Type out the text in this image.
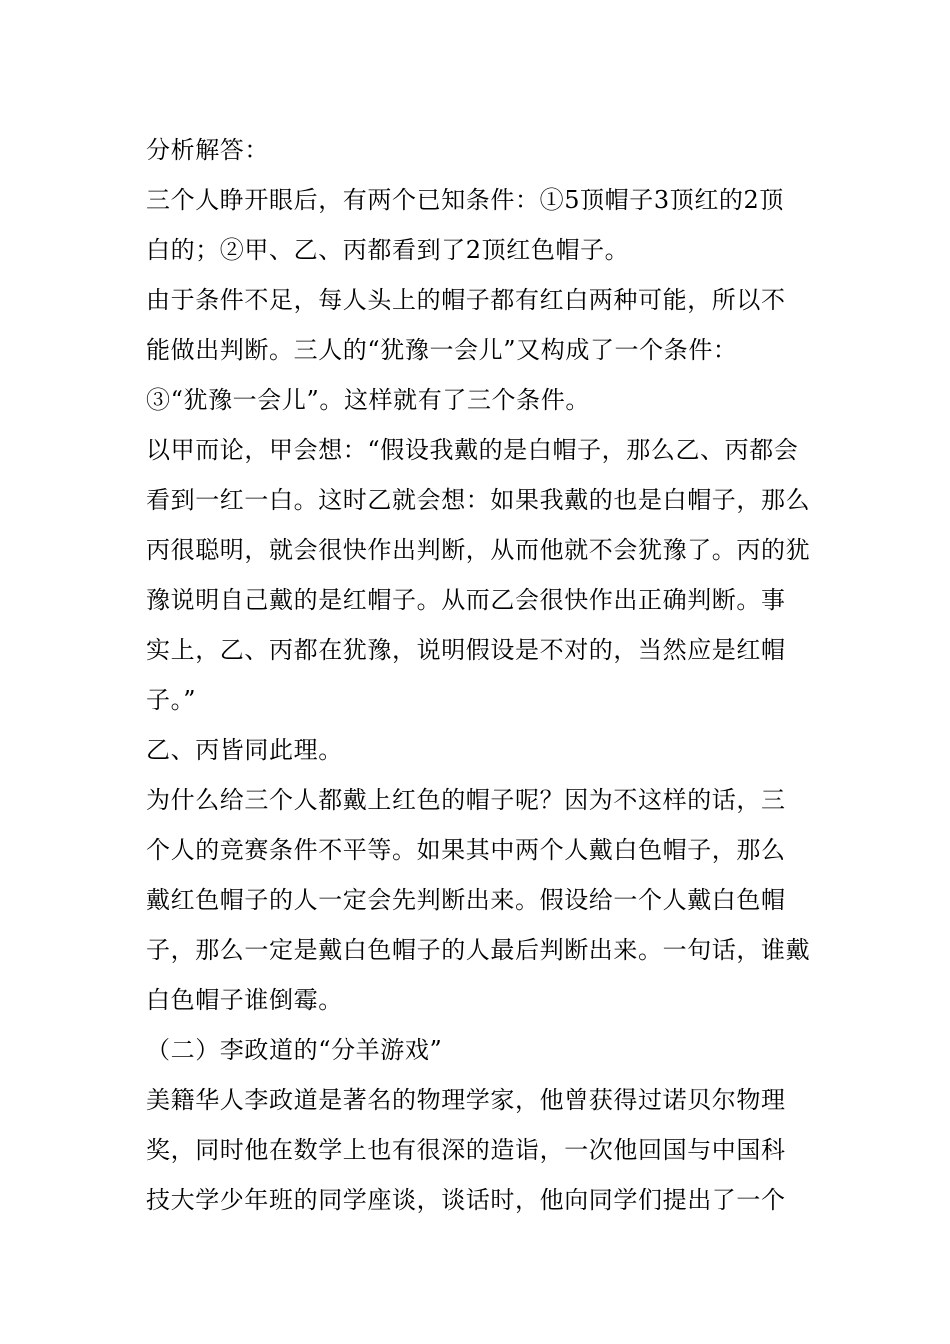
分析解答：
三个人睁开眼后，有两个已知条件：①5顶帽子3顶红的2顶
白的；②甲、乙、丙都看到了2顶红色帽子。
由于条件不足，每人头上的帽子都有红白两种可能，所以不
能做出判断。三人的“犹豫一会儿”又构成了一个条件：
③“犹豫一会儿”。这样就有了三个条件。
以甲而论，甲会想：“假设我戴的是白帽子，那么乙、丙都会
看到一红一白。这时乙就会想：如果我戴的也是白帽子，那么
丙很聪明，就会很快作出判断，从而他就不会犹豫了。丙的犹
豫说明自己戴的是红帽子。从而乙会很快作出正确判断。事
实上，乙、丙都在犹豫，说明假设是不对的，当然应是红帽
子。”
乙、丙皆同此理。
为什么给三个人都戴上红色的帽子呢？因为不这样的话，三
个人的竞赛条件不平等。如果其中两个人戴白色帽子，那么
戴红色帽子的人一定会先判断出来。假设给一个人戴白色帽
子，那么一定是戴白色帽子的人最后判断出来。一句话，谁戴
白色帽子谁倒霉。
（二）李政道的“分羊游戏”
美籍华人李政道是著名的物理学家，他曾获得过诺贝尔物理
奖，同时他在数学上也有很深的造诣，一次他回国与中国科
技大学少年班的同学座谈，谈话时，他向同学们提出了一个
